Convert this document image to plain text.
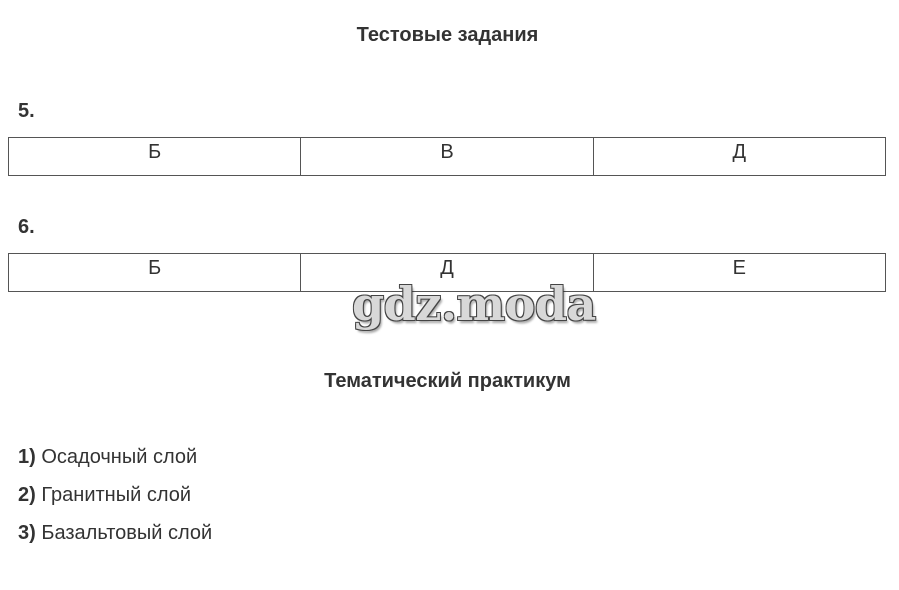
Тестовые задания
5.
Б	В	Д
6.
Б	Д	Е
gdz.moda
Тематический практикум
1) Осадочный слой
2) Гранитный слой
3) Базальтовый слой
